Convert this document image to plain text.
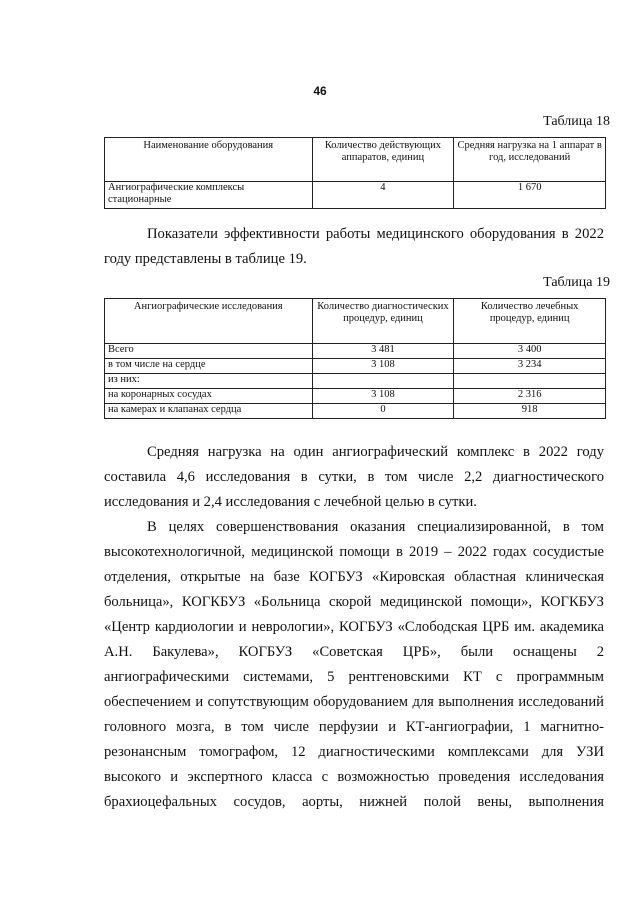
46
Таблица 18
Наименование оборудования	Количество действующих аппаратов, единиц	Средняя нагрузка на 1 аппарат в год, исследований
Ангиографические комплексы стационарные	4	1 670

Показатели эффективности работы медицинского оборудования в 2022 году представлены в таблице 19.

Таблица 19
Ангиографические исследования	Количество диагностических процедур, единиц	Количество лечебных процедур, единиц
Всего	3 481	3 400
в том числе на сердце	3 108	3 234
из них:		
на коронарных сосудах	3 108	2 316
на камерах и клапанах сердца	0	918

Средняя нагрузка на один ангиографический комплекс в 2022 году составила 4,6 исследования в сутки, в том числе 2,2 диагностического исследования и 2,4 исследования с лечебной целью в сутки.

В целях совершенствования оказания специализированной, в том высокотехнологичной, медицинской помощи в 2019 – 2022 годах сосудистые отделения, открытые на базе КОГБУЗ «Кировская областная клиническая больница», КОГКБУЗ «Больница скорой медицинской помощи», КОГКБУЗ «Центр кардиологии и неврологии», КОГБУЗ «Слободская ЦРБ им. академика А.Н. Бакулева», КОГБУЗ «Советская ЦРБ», были оснащены 2 ангиографическими системами, 5 рентгеновскими КТ с программным обеспечением и сопутствующим оборудованием для выполнения исследований головного мозга, в том числе перфузии и КТ-ангиографии, 1 магнитно-резонансным томографом, 12 диагностическими комплексами для УЗИ высокого и экспертного класса с возможностью проведения исследования брахиоцефальных сосудов, аорты, нижней полой вены, выполнения
